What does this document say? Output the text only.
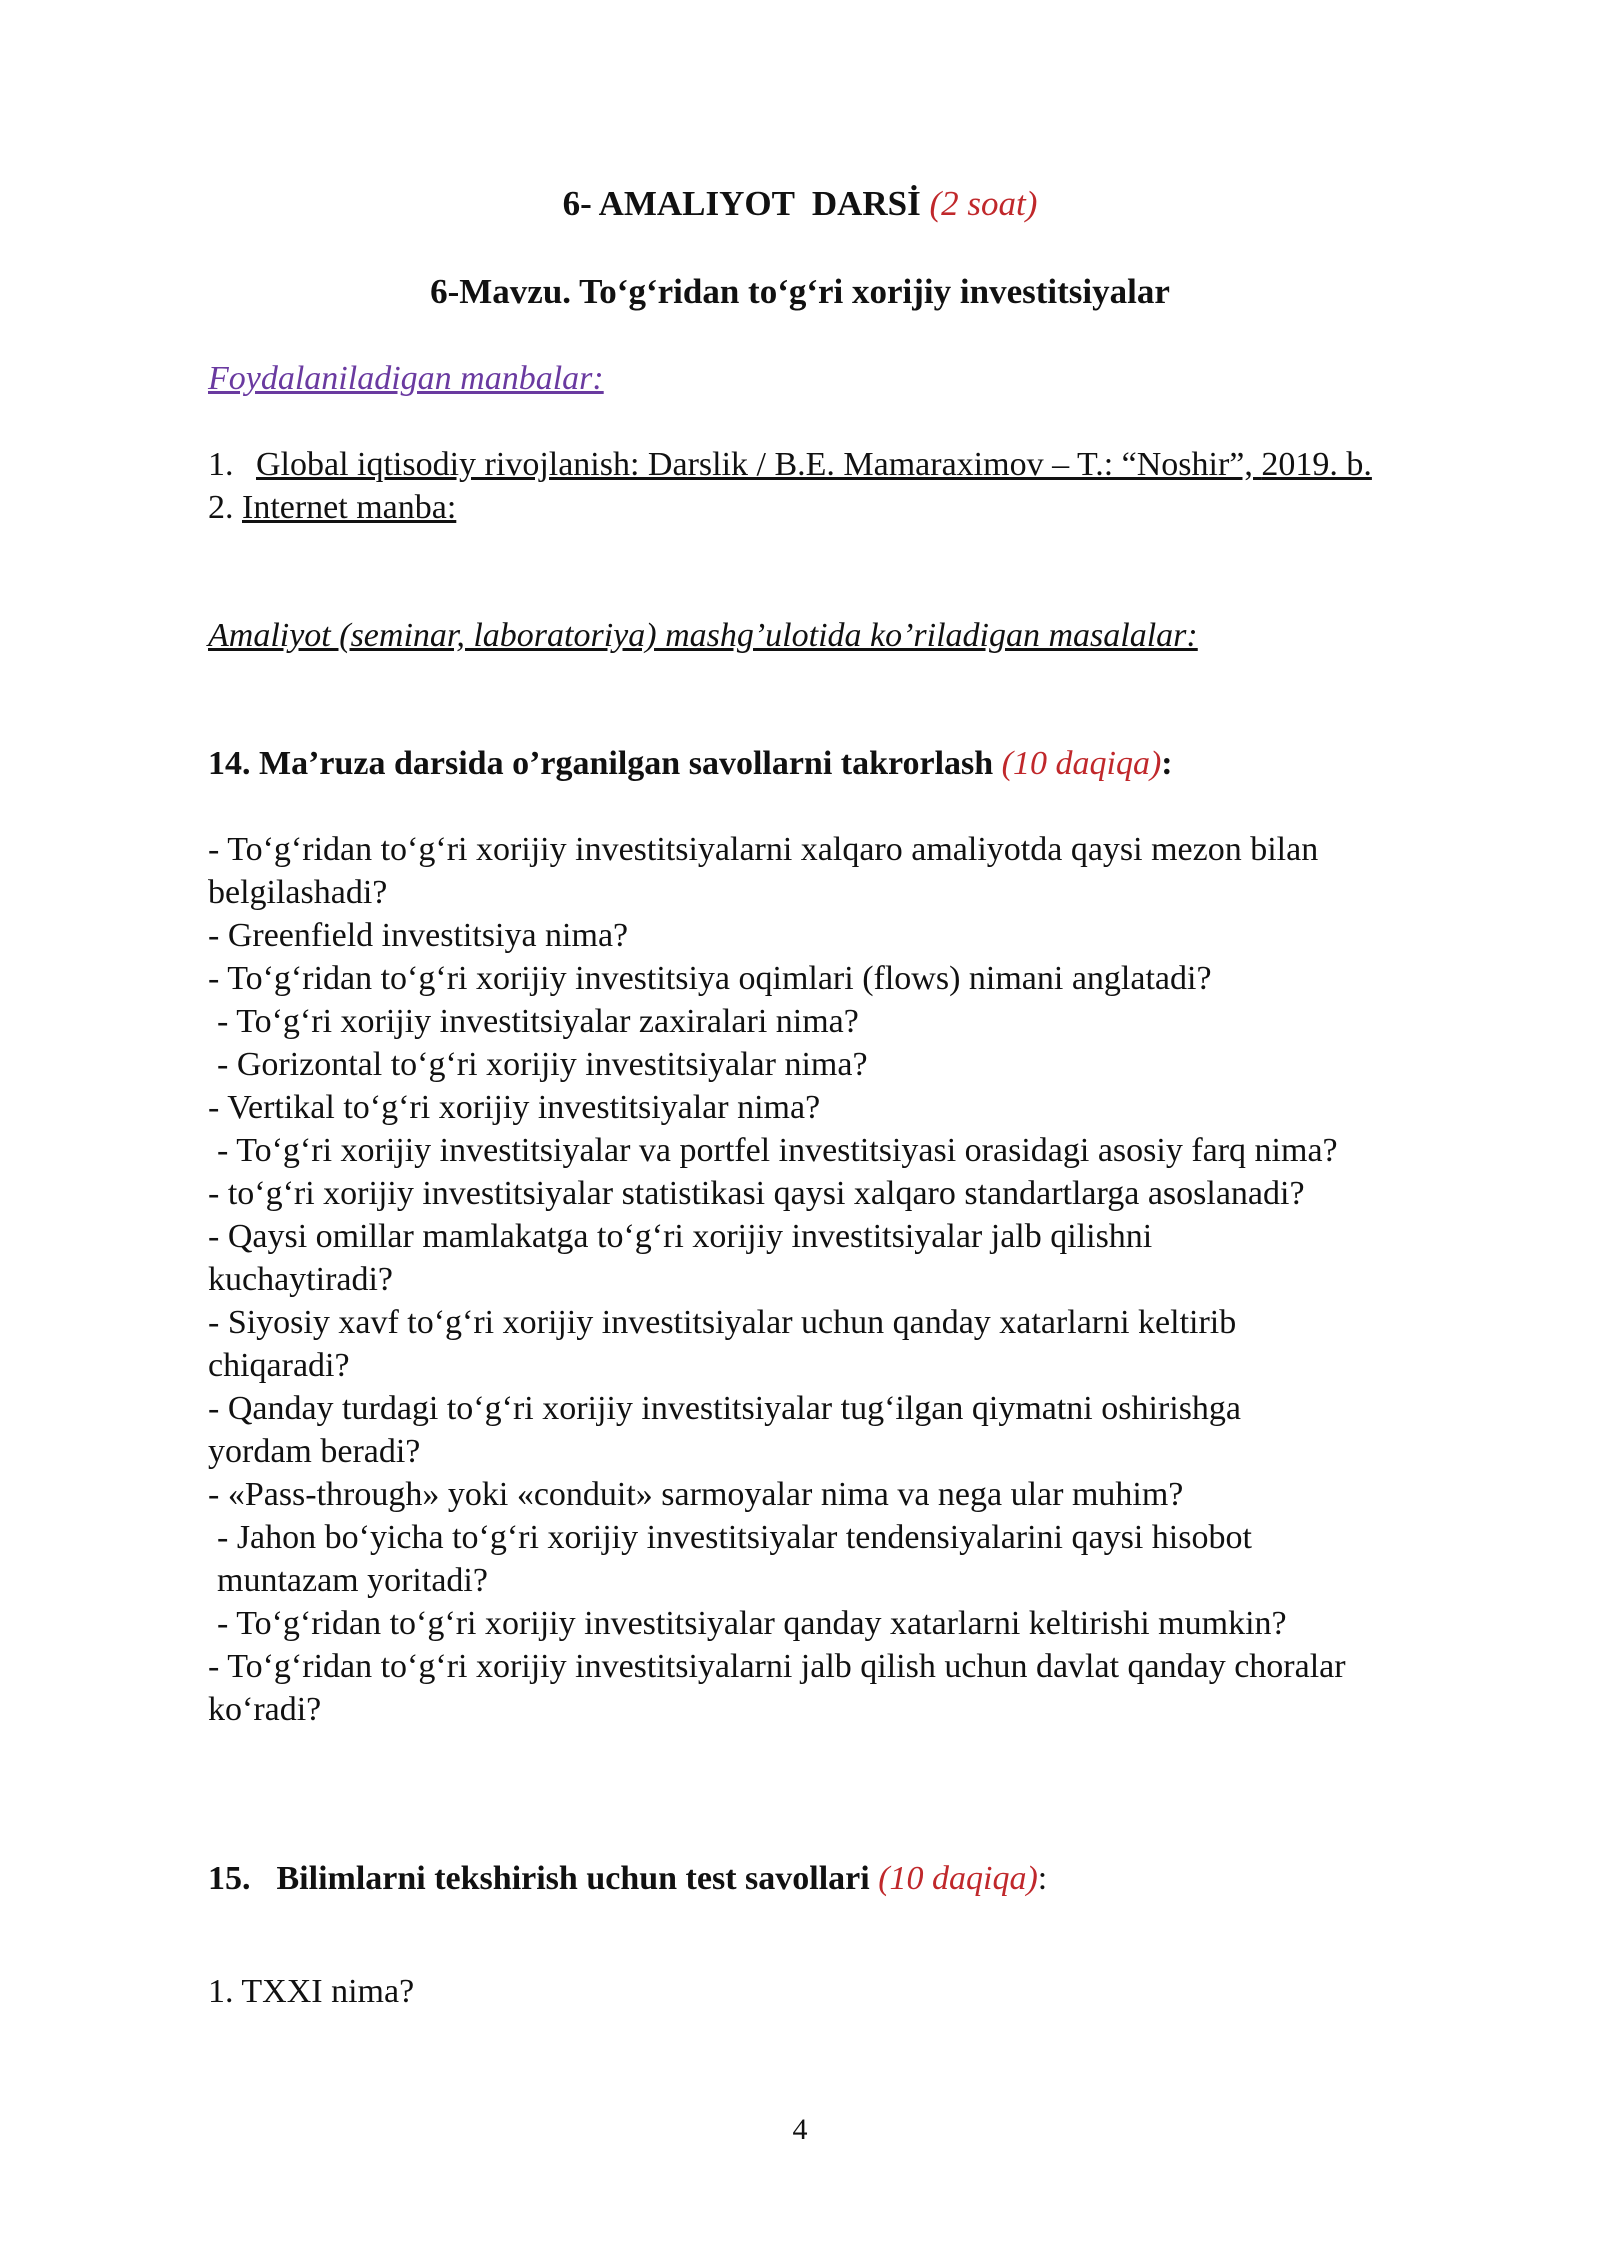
6- AMALIYOT  DARSİ (2 soat)
6-Mavzu. To‘g‘ridan to‘g‘ri xorijiy investitsiyalar
Foydalaniladigan manbalar:
1. Global iqtisodiy rivojlanish: Darslik / B.E. Mamaraximov – T.: “Noshir”, 2019. b.
2. Internet manba:
Amaliyot (seminar, laboratoriya) mashg’ulotida ko’riladigan masalalar:
14. Ma’ruza darsida o’rganilgan savollarni takrorlash (10 daqiqa):
- To‘g‘ridan to‘g‘ri xorijiy investitsiyalarni xalqaro amaliyotda qaysi mezon bilan belgilashadi?
- Greenfield investitsiya nima?
- To‘g‘ridan to‘g‘ri xorijiy investitsiya oqimlari (flows) nimani anglatadi?
- To‘g‘ri xorijiy investitsiyalar zaxiralari nima?
- Gorizontal to‘g‘ri xorijiy investitsiyalar nima?
- Vertikal to‘g‘ri xorijiy investitsiyalar nima?
- To‘g‘ri xorijiy investitsiyalar va portfel investitsiyasi orasidagi asosiy farq nima?
- to‘g‘ri xorijiy investitsiyalar statistikasi qaysi xalqaro standartlarga asoslanadi?
- Qaysi omillar mamlakatga to‘g‘ri xorijiy investitsiyalar jalb qilishni kuchaytiradi?
- Siyosiy xavf to‘g‘ri xorijiy investitsiyalar uchun qanday xatarlarni keltirib chiqaradi?
- Qanday turdagi to‘g‘ri xorijiy investitsiyalar tug‘ilgan qiymatni oshirishga yordam beradi?
- «Pass-through» yoki «conduit» sarmoyalar nima va nega ular muhim?
- Jahon bo‘yicha to‘g‘ri xorijiy investitsiyalar tendensiyalarini qaysi hisobot muntazam yoritadi?
- To‘g‘ridan to‘g‘ri xorijiy investitsiyalar qanday xatarlarni keltirishi mumkin?
- To‘g‘ridan to‘g‘ri xorijiy investitsiyalarni jalb qilish uchun davlat qanday choralar ko‘radi?
15. Bilimlarni tekshirish uchun test savollari (10 daqiqa):
1. TXXI nima?
4
